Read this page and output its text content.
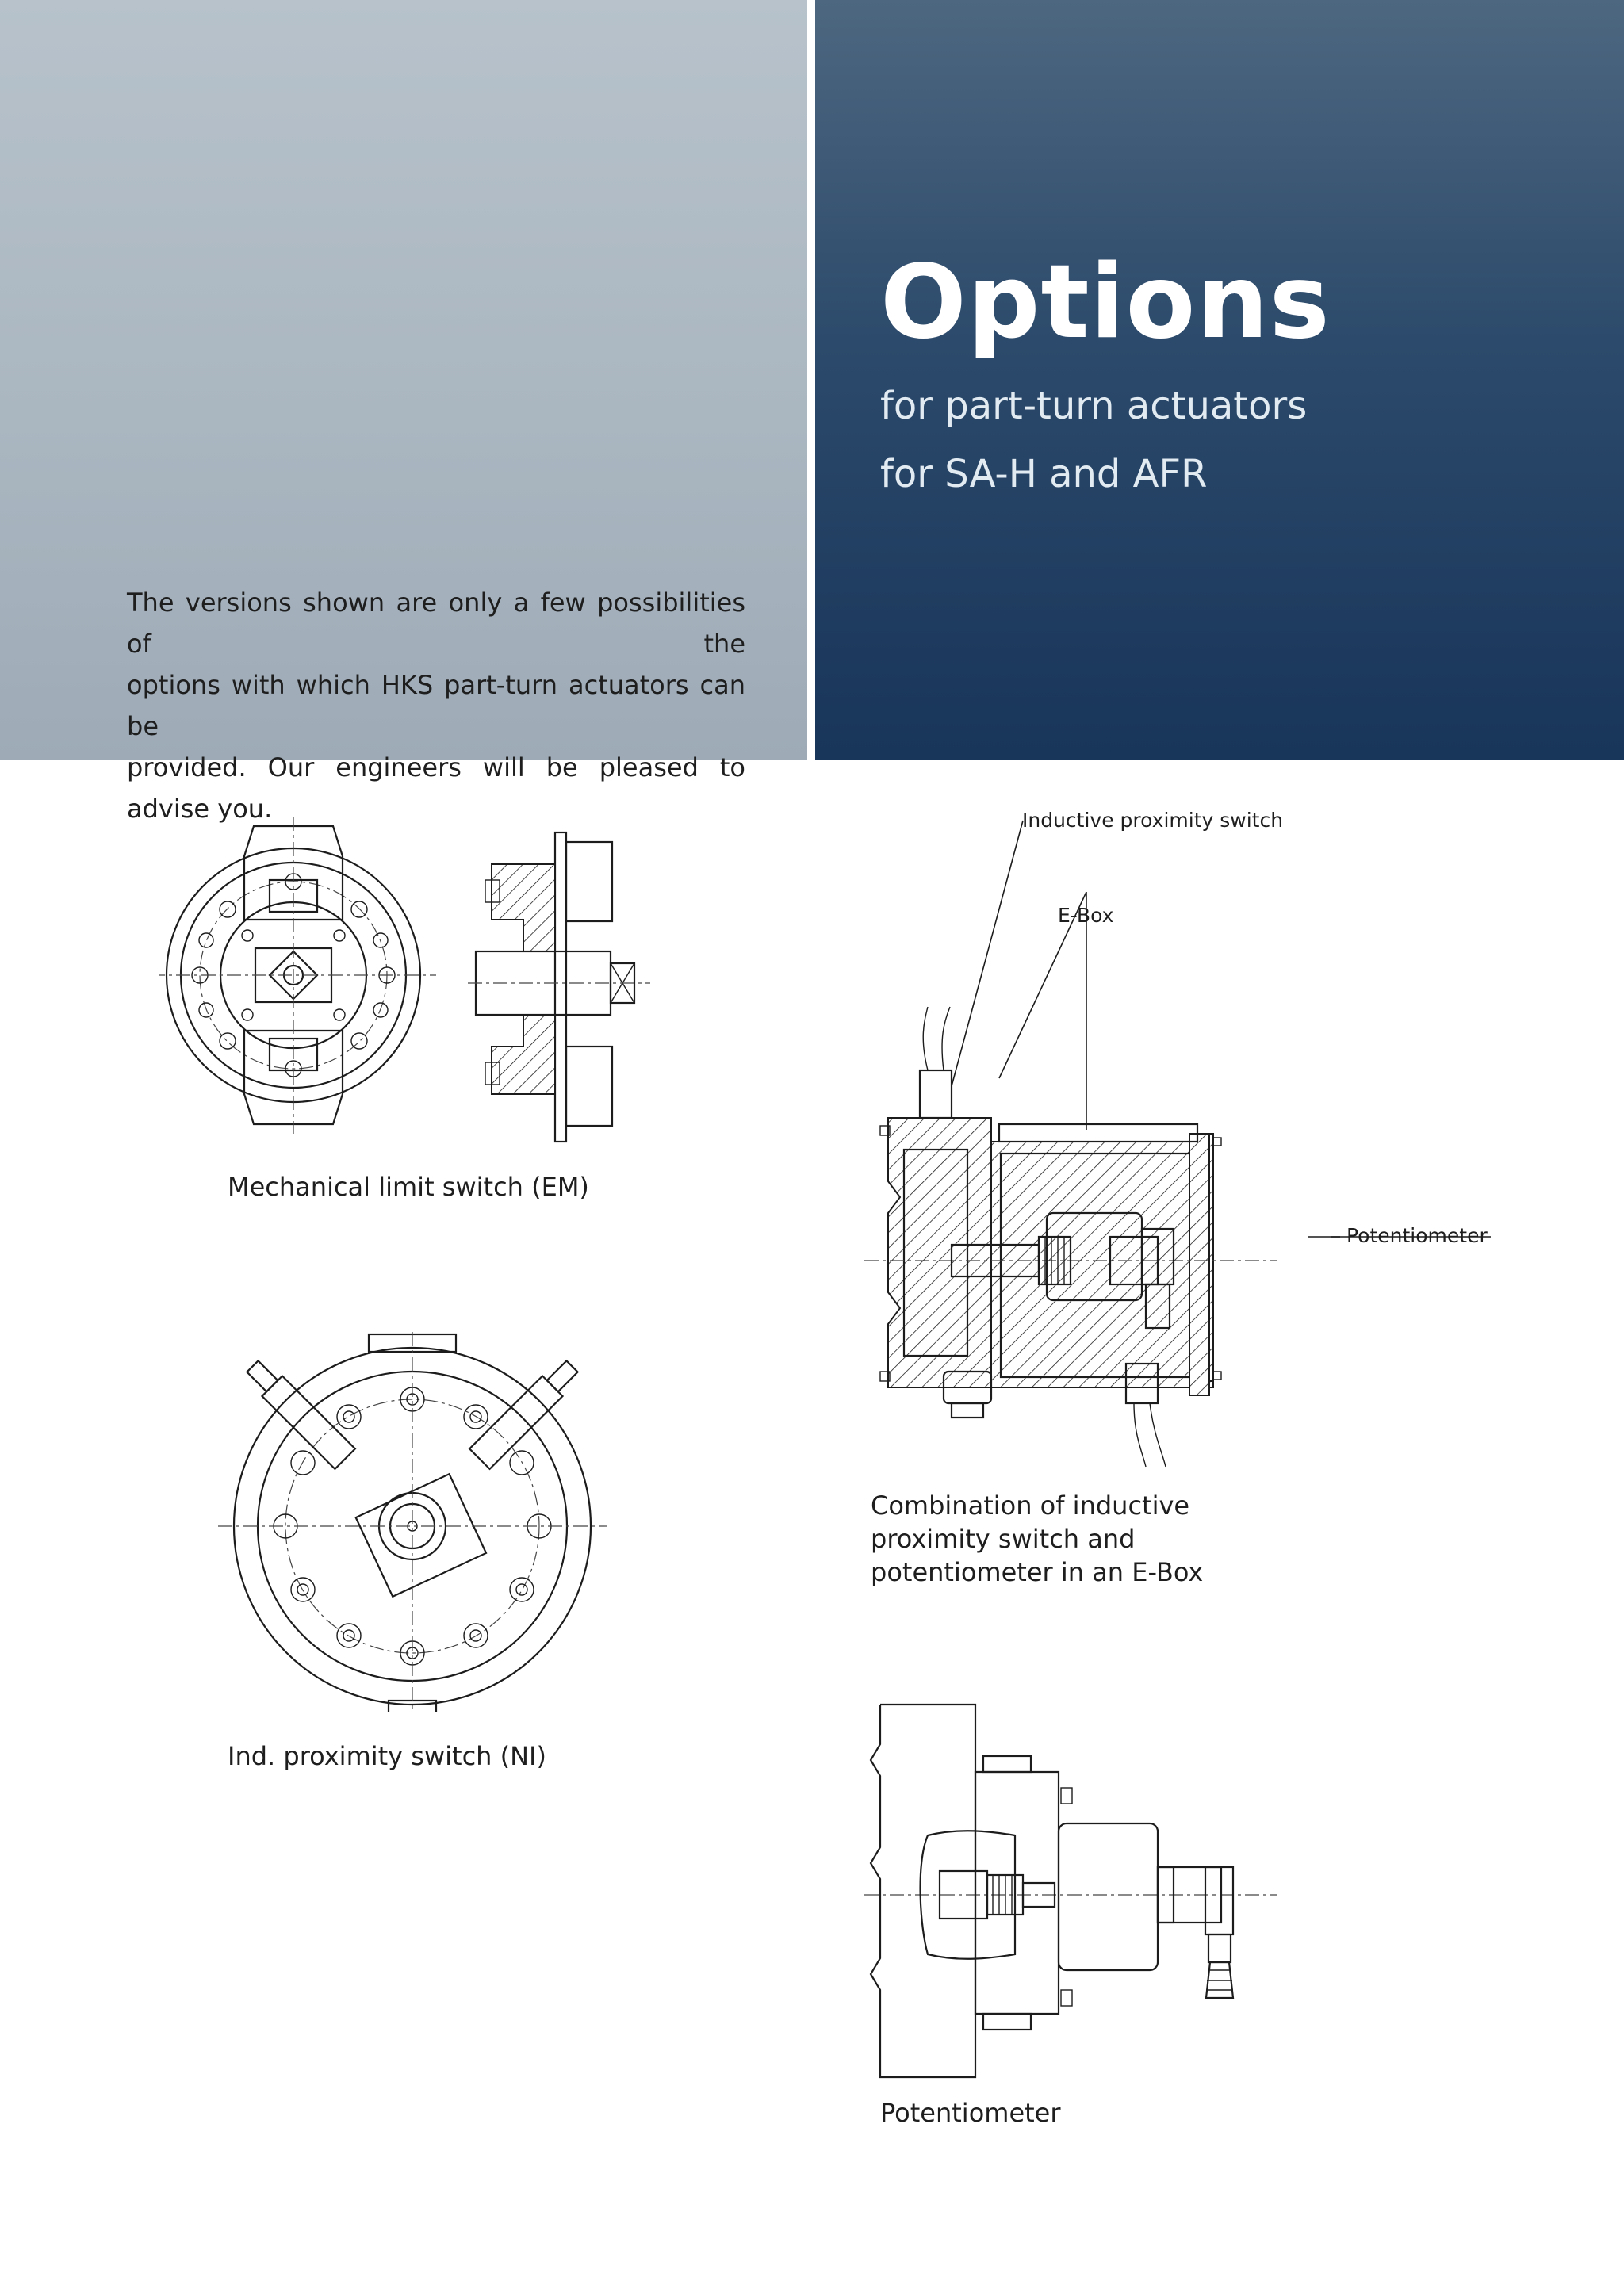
Options
for part-turn actuators
for SA-H and AFR
The versions shown are only a few possibilities of the
options with which HKS part-turn actuators can be
provided. Our engineers will be pleased to advise you.
Mechanical limit switch (EM)
Ind. proximity switch (NI)
Inductive proximity switch
E-Box
Potentiometer
Combination of inductive
proximity switch and
potentiometer in an E-Box
Potentiometer
